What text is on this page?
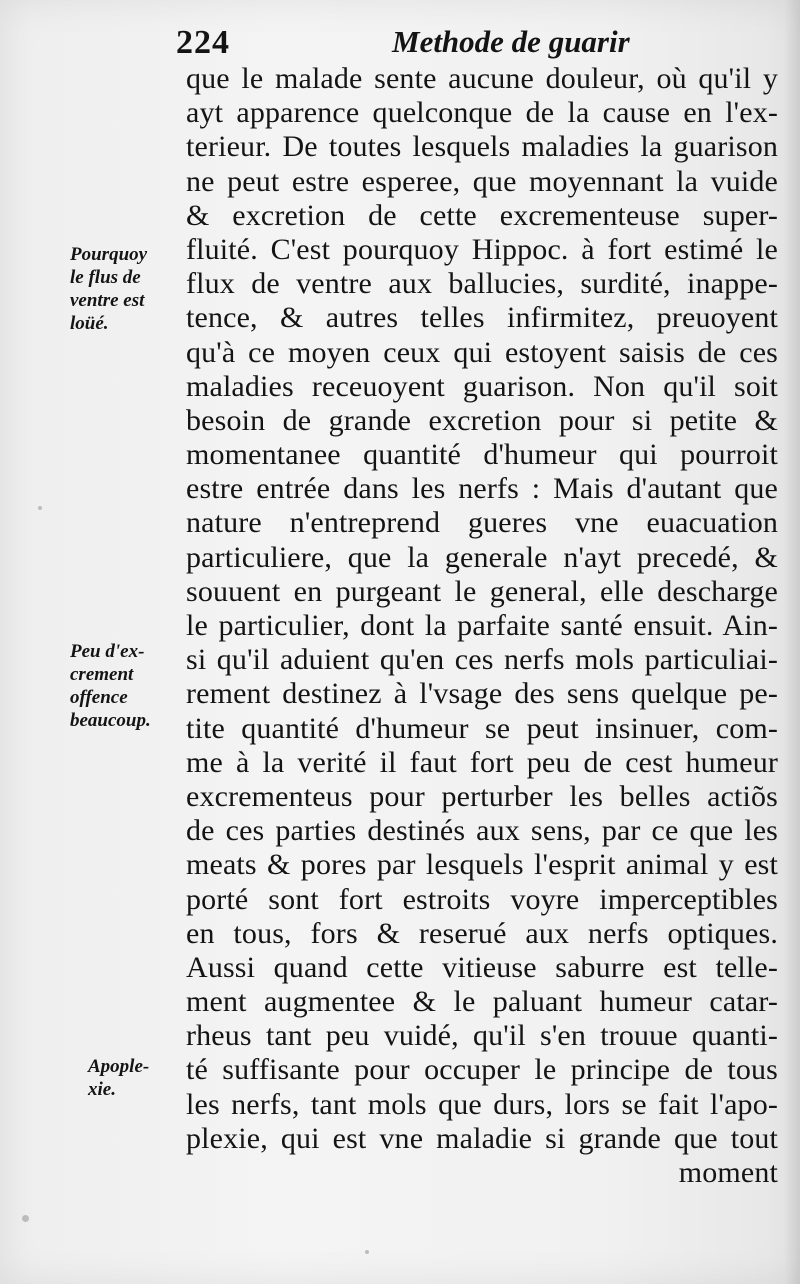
224	Methode de guarir
Pourquoy
le flus de
ventre est
loüé.
Peu d'ex-
crement
offence
beaucoup.
Apople-
xie.
que le malade sente aucune douleur, où qu'il y
ayt apparence quelconque de la cause en l'ex-
terieur. De toutes lesquels maladies la guarison
ne peut estre esperee, que moyennant la vuide
& excretion de cette excrementeuse super-
fluité. C'est pourquoy Hippoc. à fort estimé le
flux de ventre aux ballucies, surdité, inappe-
tence, & autres telles infirmitez, preuoyent
qu'à ce moyen ceux qui estoyent saisis de ces
maladies receuoyent guarison. Non qu'il soit
besoin de grande excretion pour si petite &
momentanee quantité d'humeur qui pourroit
estre entrée dans les nerfs : Mais d'autant que
nature n'entreprend gueres vne euacuation
particuliere, que la generale n'ayt precedé, &
souuent en purgeant le general, elle descharge
le particulier, dont la parfaite santé ensuit. Ain-
si qu'il aduient qu'en ces nerfs mols particuliai-
rement destinez à l'vsage des sens quelque pe-
tite quantité d'humeur se peut insinuer, com-
me à la verité il faut fort peu de cest humeur
excrementeus pour perturber les belles actiõs
de ces parties destinés aux sens, par ce que les
meats & pores par lesquels l'esprit animal y est
porté sont fort estroits voyre imperceptibles
en tous, fors & reserué aux nerfs optiques.
Aussi quand cette vitieuse saburre est telle-
ment augmentee & le paluant humeur catar-
rheus tant peu vuidé, qu'il s'en trouue quanti-
té suffisante pour occuper le principe de tous
les nerfs, tant mols que durs, lors se fait l'apo-
plexie, qui est vne maladie si grande que tout
moment
